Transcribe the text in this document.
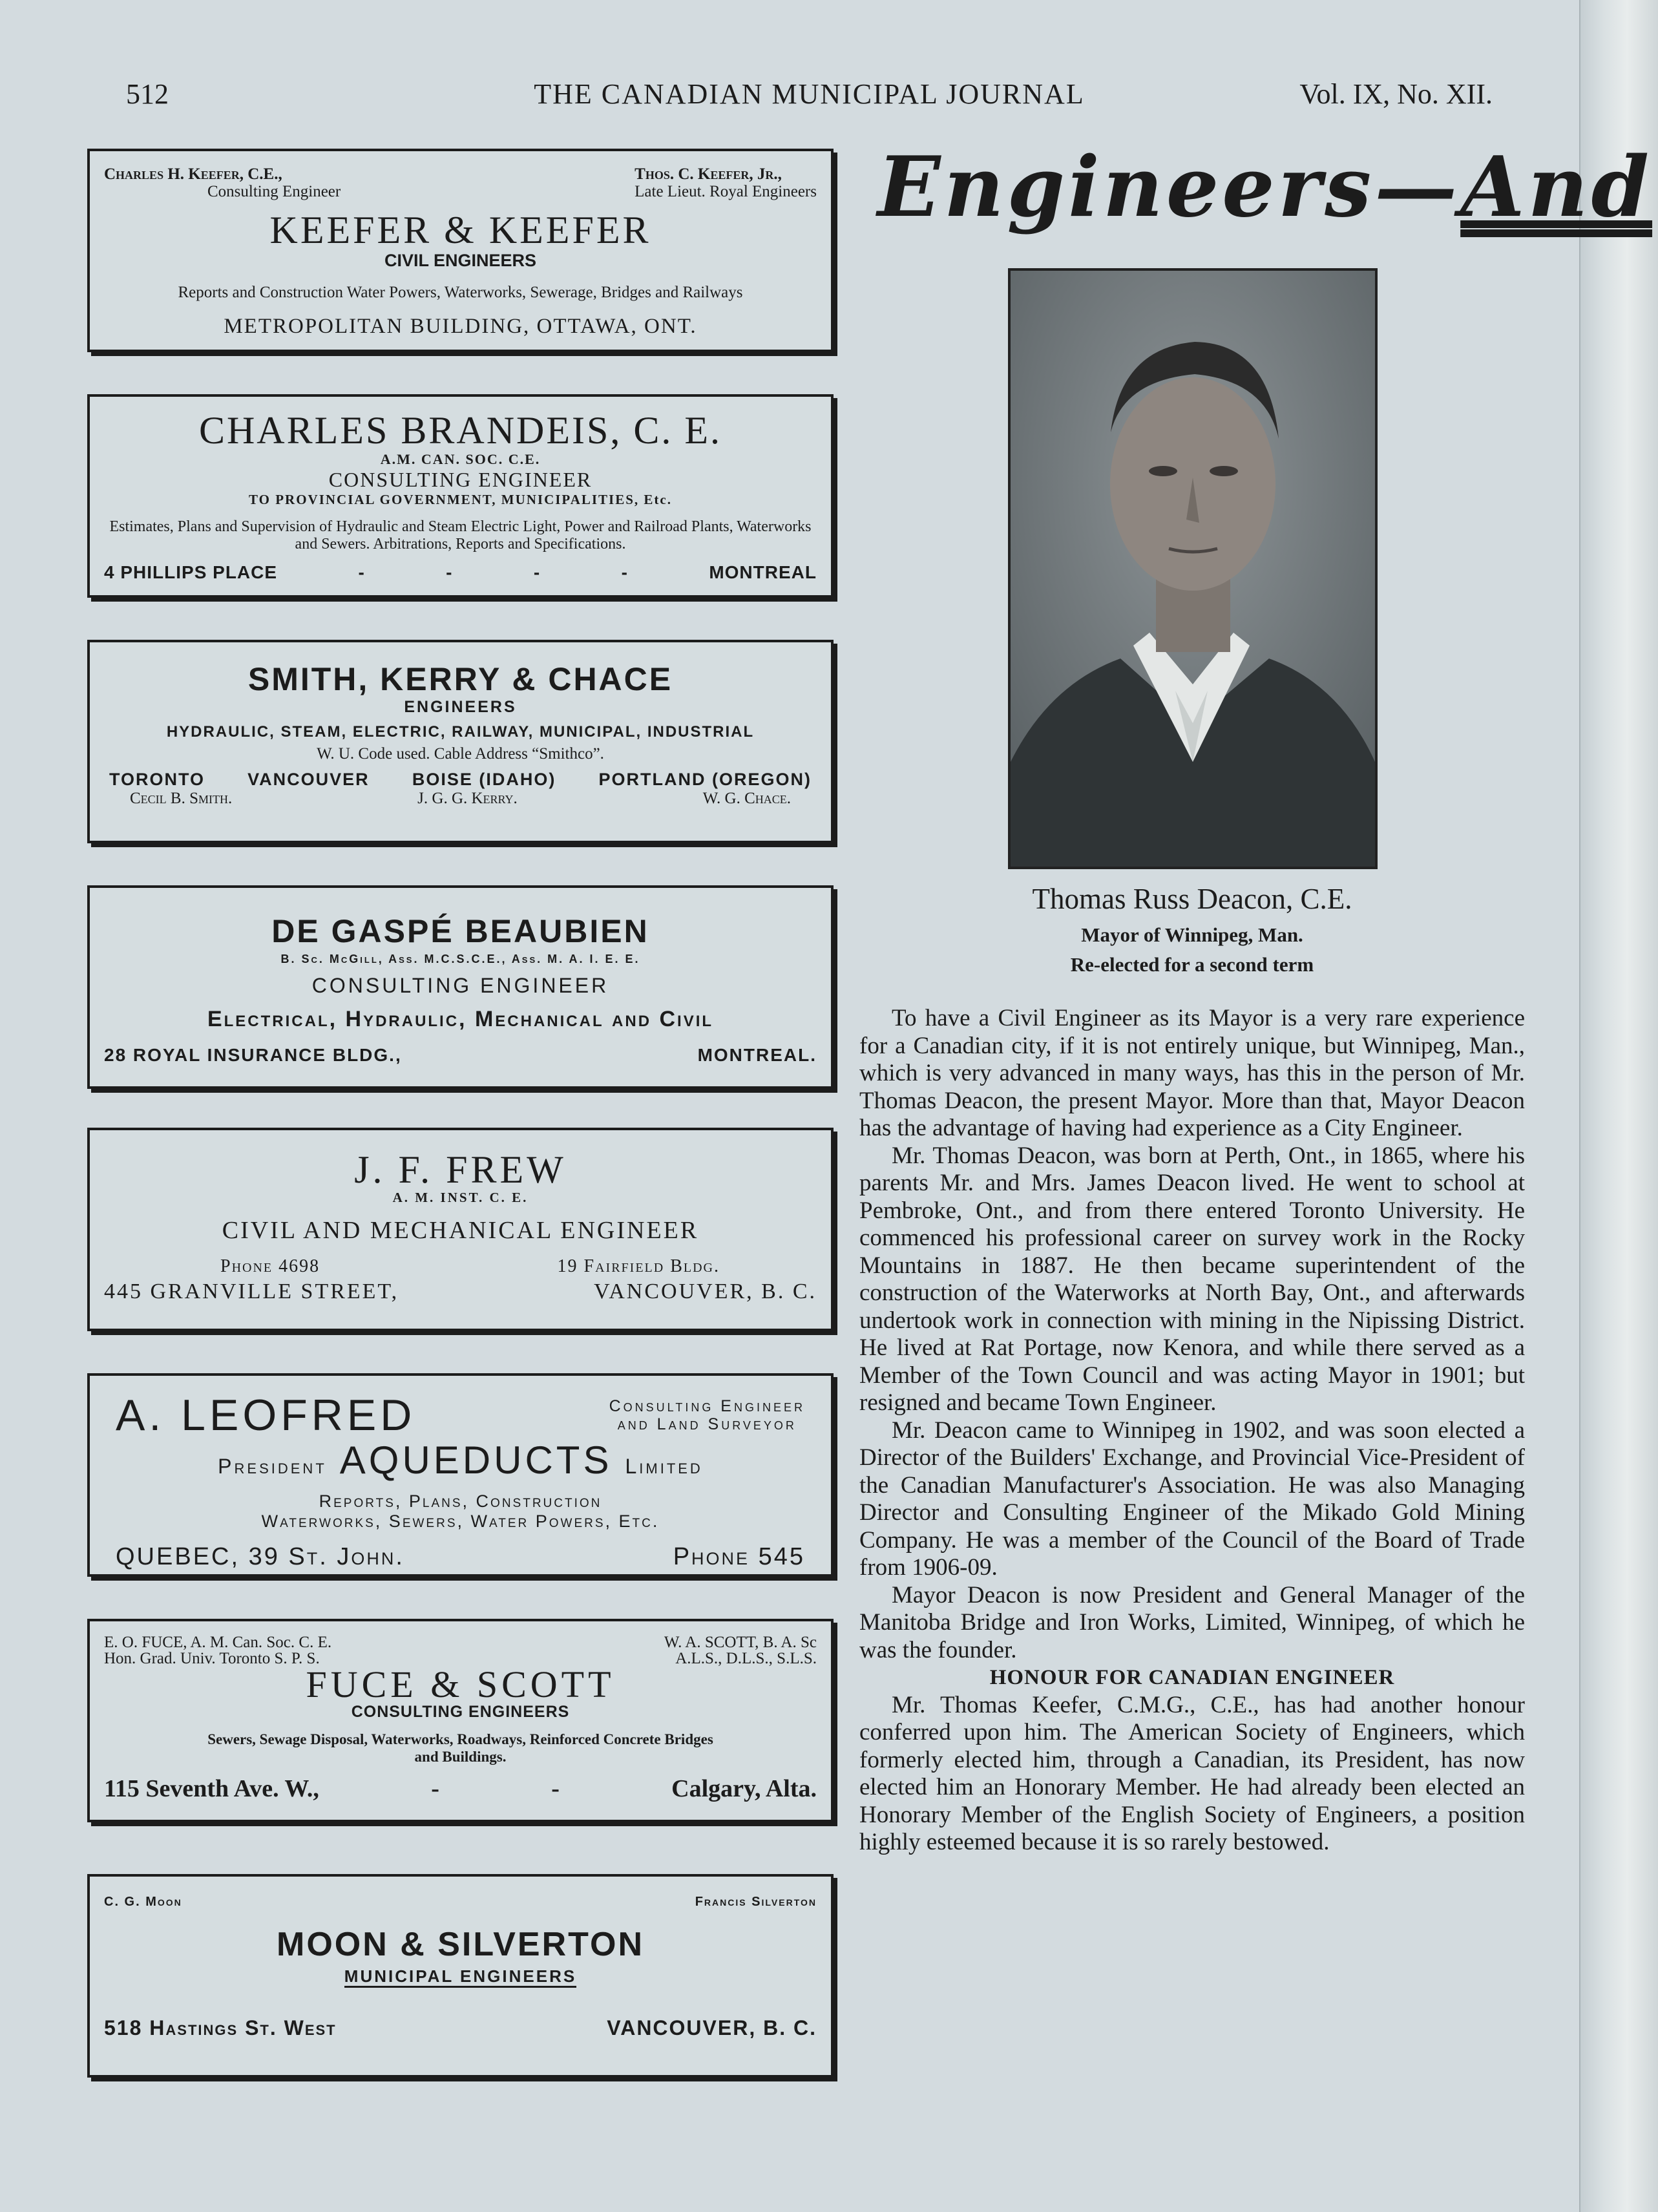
512	THE CANADIAN MUNICIPAL JOURNAL	Vol. IX, No. XII.
Charles H. Keefer, C.E.,
Consulting Engineer
Thos. C. Keefer, Jr.,
Late Lieut. Royal Engineers
KEEFER & KEEFER
CIVIL ENGINEERS
Reports and Construction Water Powers, Waterworks, Sewerage, Bridges and Railways
METROPOLITAN BUILDING, OTTAWA, ONT.
CHARLES BRANDEIS, C. E.
A.M. CAN. SOC. C.E.
CONSULTING ENGINEER
TO PROVINCIAL GOVERNMENT, MUNICIPALITIES, Etc.
Estimates, Plans and Supervision of Hydraulic and Steam Electric Light, Power and Railroad Plants, Waterworks and Sewers. Arbitrations, Reports and Specifications.
4 PHILLIPS PLACE	-	-	-	-	MONTREAL
SMITH, KERRY & CHACE
ENGINEERS
HYDRAULIC, STEAM, ELECTRIC, RAILWAY, MUNICIPAL, INDUSTRIAL
W. U. Code used. Cable Address “Smithco”.
TORONTO VANCOUVER BOISE (IDAHO) PORTLAND (OREGON)
Cecil B. Smith.	J. G. G. Kerry.	W. G. Chace.
DE GASPÉ BEAUBIEN
B. Sc. McGill, Ass. M.C.S.C.E., Ass. M. A. I. E. E.
CONSULTING ENGINEER
Electrical, Hydraulic, Mechanical and Civil
28 ROYAL INSURANCE BLDG.,	MONTREAL.
J. F. FREW
A. M. INST. C. E.
CIVIL AND MECHANICAL ENGINEER
Phone 4698	19 Fairfield Bldg.
445 GRANVILLE STREET,	VANCOUVER, B. C.
A. LEOFRED	Consulting Engineer
and Land Surveyor
President AQUEDUCTS Limited
Reports, Plans, Construction
Waterworks, Sewers, Water Powers, Etc.
QUEBEC, 39 St. John.	Phone 545
E. O. FUCE, A. M. Can. Soc. C. E.
Hon. Grad. Univ. Toronto S. P. S.
W. A. SCOTT, B. A. Sc
A.L.S., D.L.S., S.L.S.
FUCE & SCOTT
CONSULTING ENGINEERS
Sewers, Sewage Disposal, Waterworks, Roadways, Reinforced Concrete Bridges and Buildings.
115 Seventh Ave. W.,	-	-	Calgary, Alta.
C. G. Moon	Francis Silverton
MOON & SILVERTON
MUNICIPAL ENGINEERS
518 Hastings St. West	VANCOUVER, B. C.
Engineers—And
Thomas Russ Deacon, C.E.
Mayor of Winnipeg, Man.
Re-elected for a second term

To have a Civil Engineer as its Mayor is a very rare experience for a Canadian city, if it is not entirely unique, but Winnipeg, Man., which is very advanced in many ways, has this in the person of Mr. Thomas Deacon, the present Mayor. More than that, Mayor Deacon has the advantage of having had experience as a City Engineer.

Mr. Thomas Deacon, was born at Perth, Ont., in 1865, where his parents Mr. and Mrs. James Deacon lived. He went to school at Pembroke, Ont., and from there entered Toronto University. He commenced his professional career on survey work in the Rocky Mountains in 1887. He then became superintendent of the construction of the Waterworks at North Bay, Ont., and afterwards undertook work in connection with mining in the Nipissing District. He lived at Rat Portage, now Kenora, and while there served as a Member of the Town Council and was acting Mayor in 1901; but resigned and became Town Engineer.

Mr. Deacon came to Winnipeg in 1902, and was soon elected a Director of the Builders' Exchange, and Provincial Vice-President of the Canadian Manufacturer's Association. He was also Managing Director and Consulting Engineer of the Mikado Gold Mining Company. He was a member of the Council of the Board of Trade from 1906-09.

Mayor Deacon is now President and General Manager of the Manitoba Bridge and Iron Works, Limited, Winnipeg, of which he was the founder.

HONOUR FOR CANADIAN ENGINEER

Mr. Thomas Keefer, C.M.G., C.E., has had another honour conferred upon him. The American Society of Engineers, which formerly elected him, through a Canadian, its President, has now elected him an Honorary Member. He had already been elected an Honorary Member of the English Society of Engineers, a position highly esteemed because it is so rarely bestowed.
